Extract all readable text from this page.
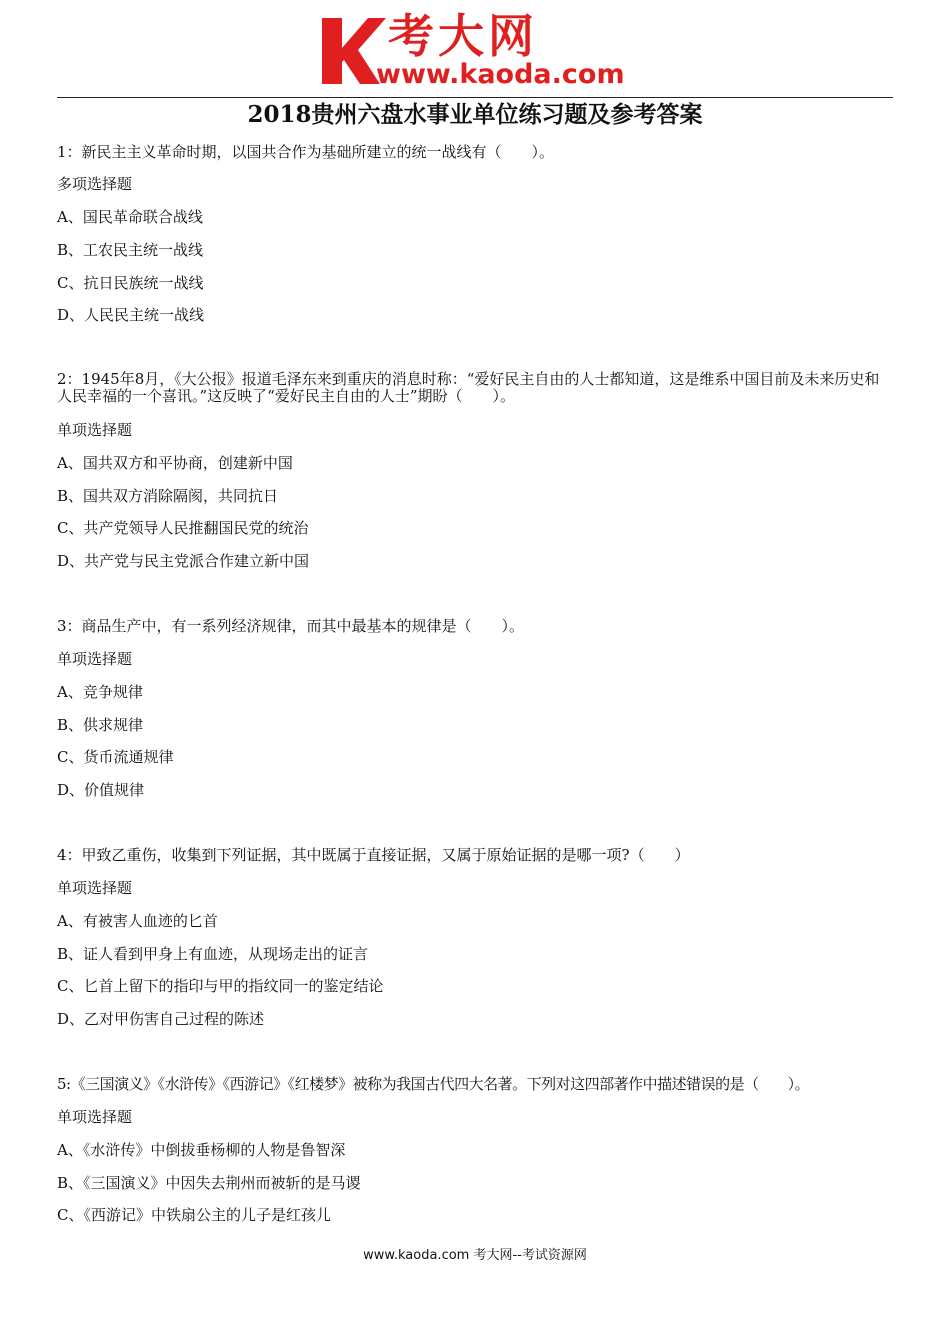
考大网
www.kaoda.com
2018贵州六盘水事业单位练习题及参考答案
1：新民主主义革命时期，以国共合作为基础所建立的统一战线有（　　）。
多项选择题
A、国民革命联合战线
B、工农民主统一战线
C、抗日民族统一战线
D、人民民主统一战线
2：1945年8月，《大公报》报道毛泽东来到重庆的消息时称：“爱好民主自由的人士都知道，这是维系中国目前及未来历史和人民幸福的一个喜讯。”这反映了“爱好民主自由的人士”期盼（　　）。
单项选择题
A、国共双方和平协商，创建新中国
B、国共双方消除隔阂，共同抗日
C、共产党领导人民推翻国民党的统治
D、共产党与民主党派合作建立新中国
3：商品生产中，有一系列经济规律，而其中最基本的规律是（　　）。
单项选择题
A、竞争规律
B、供求规律
C、货币流通规律
D、价值规律
4：甲致乙重伤，收集到下列证据，其中既属于直接证据，又属于原始证据的是哪一项?（　　）
单项选择题
A、有被害人血迹的匕首
B、证人看到甲身上有血迹，从现场走出的证言
C、匕首上留下的指印与甲的指纹同一的鉴定结论
D、乙对甲伤害自己过程的陈述
5:《三国演义》《水浒传》《西游记》《红楼梦》被称为我国古代四大名著。下列对这四部著作中描述错误的是（　　）。
单项选择题
A、《水浒传》中倒拔垂杨柳的人物是鲁智深
B、《三国演义》中因失去荆州而被斩的是马谡
C、《西游记》中铁扇公主的儿子是红孩儿
www.kaoda.com 考大网--考试资源网
